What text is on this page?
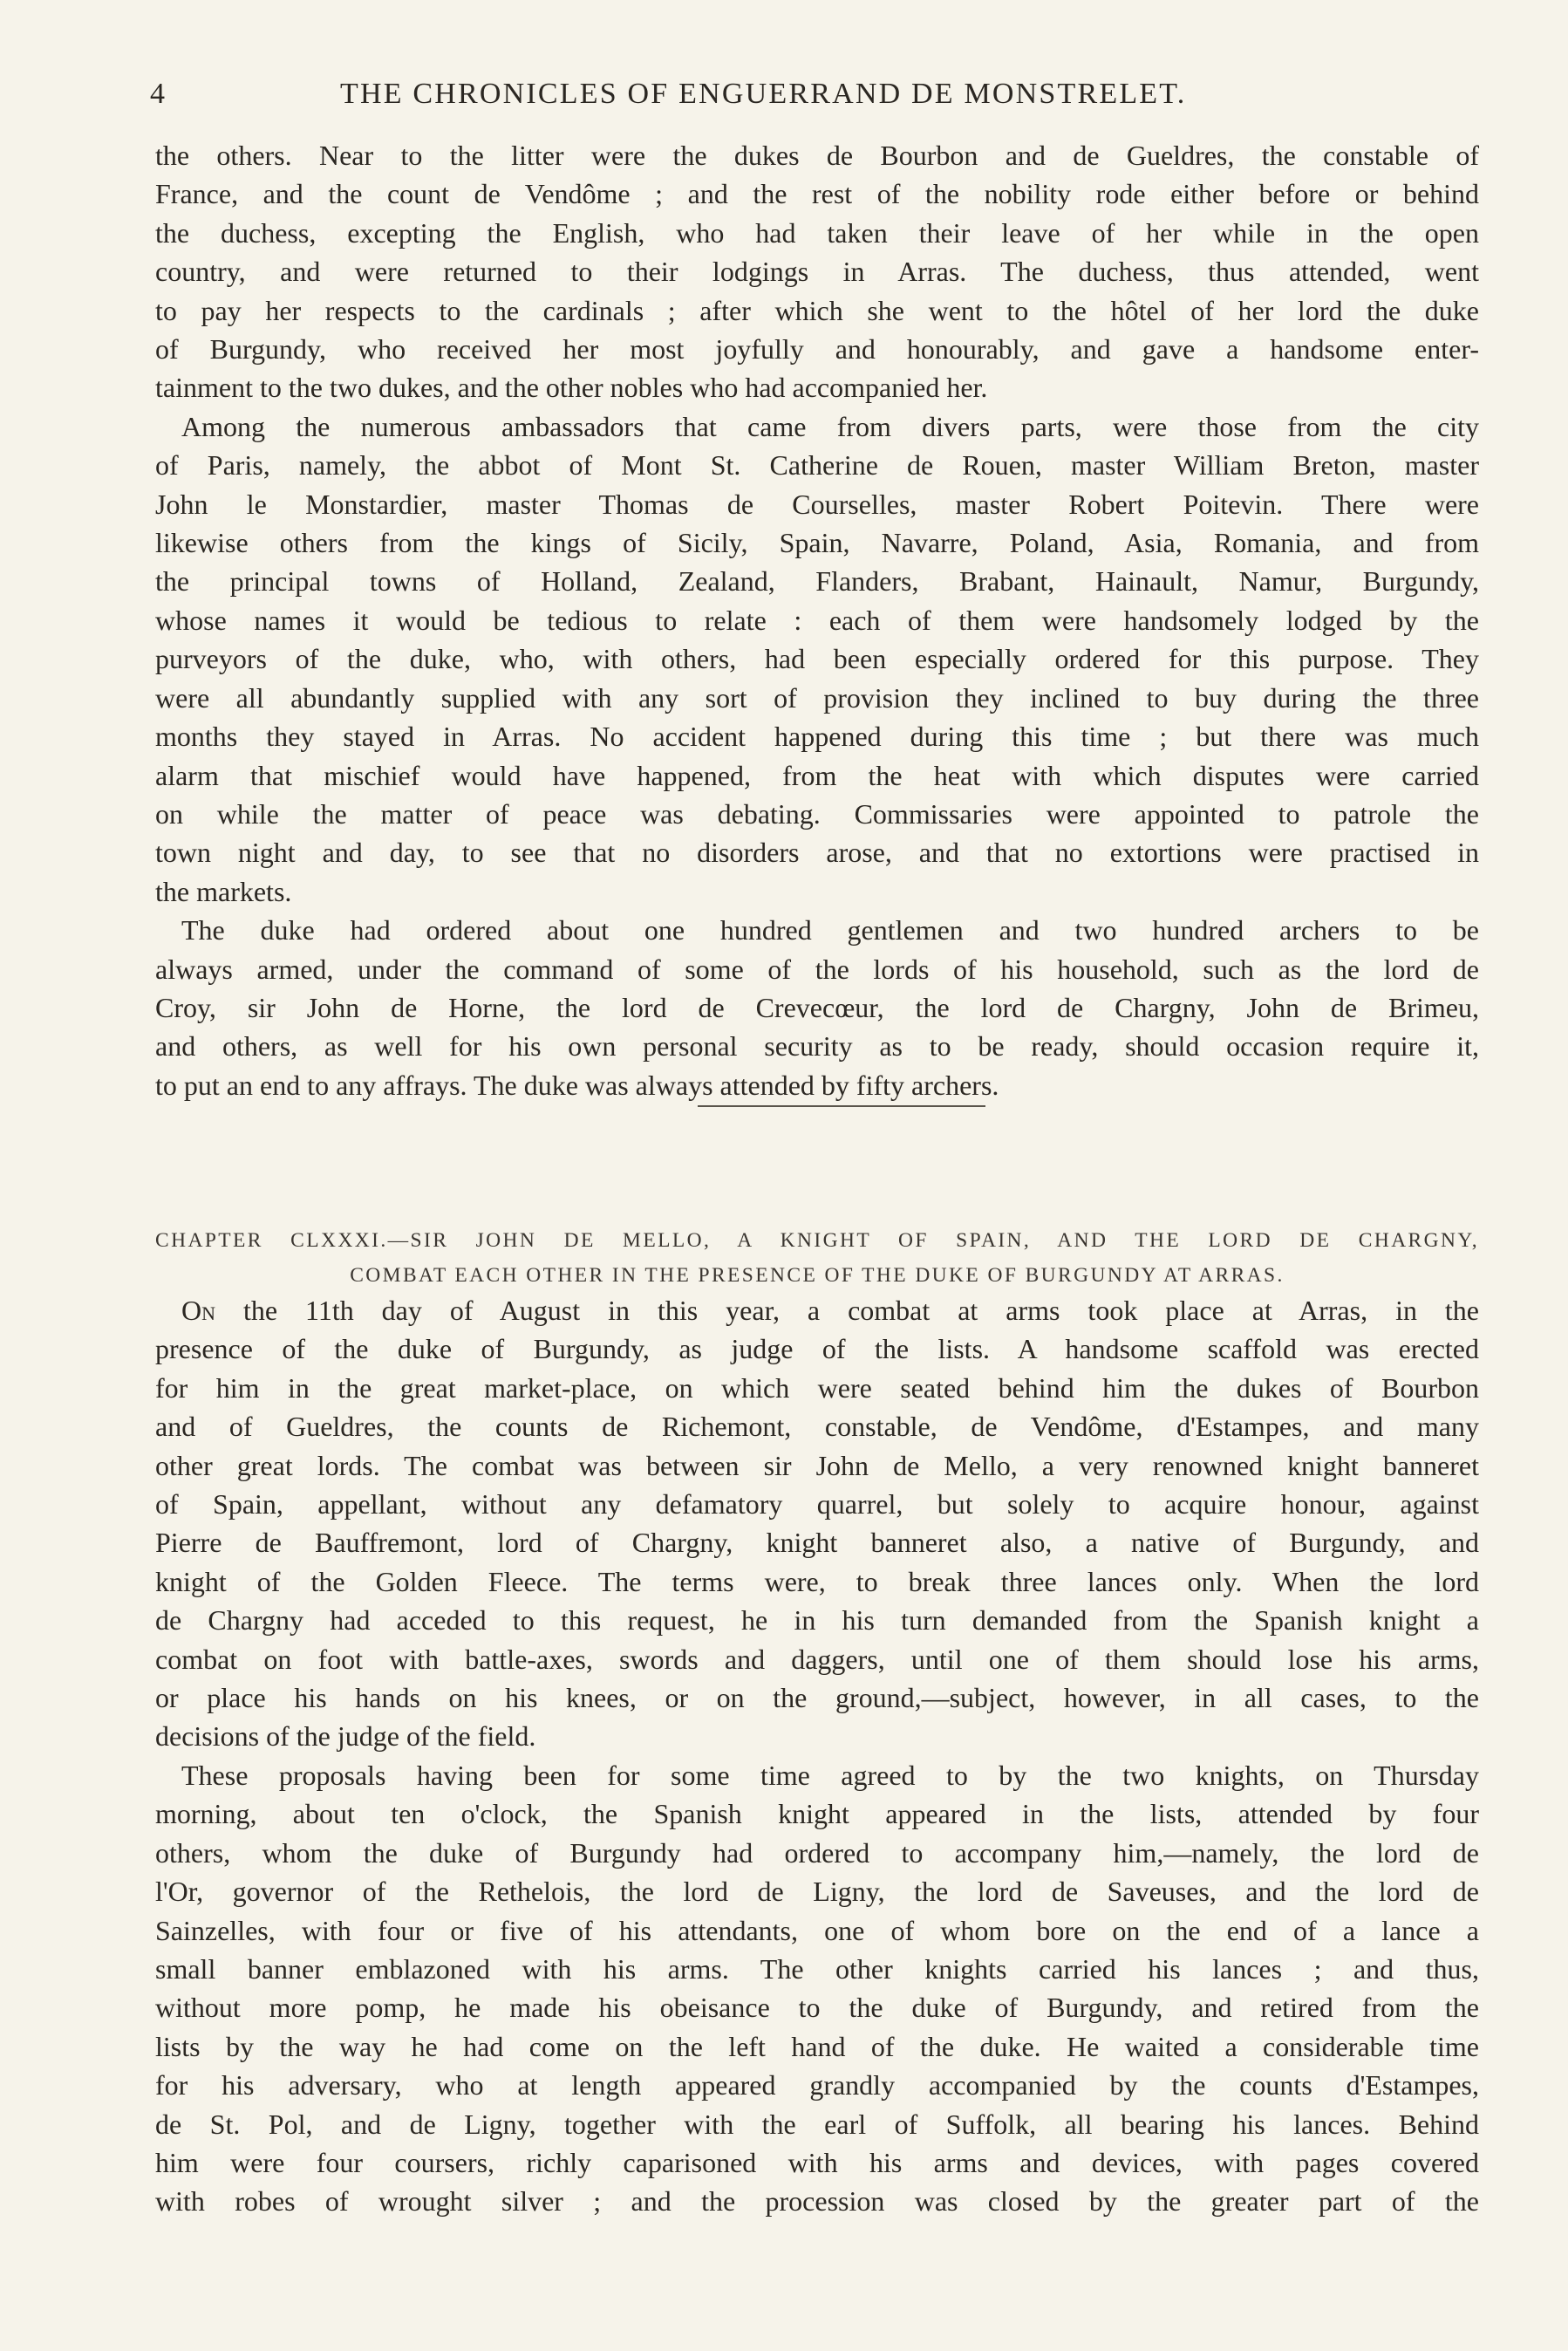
4	THE CHRONICLES OF ENGUERRAND DE MONSTRELET.

the others. Near to the litter were the dukes de Bourbon and de Gueldres, the constable of

France, and the count de Vendôme ; and the rest of the nobility rode either before or behind

the duchess, excepting the English, who had taken their leave of her while in the open

country, and were returned to their lodgings in Arras. The duchess, thus attended, went

to pay her respects to the cardinals ; after which she went to the hôtel of her lord the duke

of Burgundy, who received her most joyfully and honourably, and gave a handsome enter-

tainment to the two dukes, and the other nobles who had accompanied her.

Among the numerous ambassadors that came from divers parts, were those from the city

of Paris, namely, the abbot of Mont St. Catherine de Rouen, master William Breton, master

John le Monstardier, master Thomas de Courselles, master Robert Poitevin. There were

likewise others from the kings of Sicily, Spain, Navarre, Poland, Asia, Romania, and from

the principal towns of Holland, Zealand, Flanders, Brabant, Hainault, Namur, Burgundy,

whose names it would be tedious to relate : each of them were handsomely lodged by the

purveyors of the duke, who, with others, had been especially ordered for this purpose. They

were all abundantly supplied with any sort of provision they inclined to buy during the three

months they stayed in Arras. No accident happened during this time ; but there was much

alarm that mischief would have happened, from the heat with which disputes were carried

on while the matter of peace was debating. Commissaries were appointed to patrole the

town night and day, to see that no disorders arose, and that no extortions were practised in

the markets.

The duke had ordered about one hundred gentlemen and two hundred archers to be

always armed, under the command of some of the lords of his household, such as the lord de

Croy, sir John de Horne, the lord de Crevecœur, the lord de Chargny, John de Brimeu,

and others, as well for his own personal security as to be ready, should occasion require it,

to put an end to any affrays. The duke was always attended by fifty archers.

CHAPTER CLXXXI.—SIR JOHN DE MELLO, A KNIGHT OF SPAIN, AND THE LORD DE CHARGNY,
COMBAT EACH OTHER IN THE PRESENCE OF THE DUKE OF BURGUNDY AT ARRAS.

On the 11th day of August in this year, a combat at arms took place at Arras, in the

presence of the duke of Burgundy, as judge of the lists. A handsome scaffold was erected

for him in the great market-place, on which were seated behind him the dukes of Bourbon

and of Gueldres, the counts de Richemont, constable, de Vendôme, d'Estampes, and many

other great lords. The combat was between sir John de Mello, a very renowned knight banneret

of Spain, appellant, without any defamatory quarrel, but solely to acquire honour, against

Pierre de Bauffremont, lord of Chargny, knight banneret also, a native of Burgundy, and

knight of the Golden Fleece. The terms were, to break three lances only. When the lord

de Chargny had acceded to this request, he in his turn demanded from the Spanish knight a

combat on foot with battle-axes, swords and daggers, until one of them should lose his arms,

or place his hands on his knees, or on the ground,—subject, however, in all cases, to the

decisions of the judge of the field.

These proposals having been for some time agreed to by the two knights, on Thursday

morning, about ten o'clock, the Spanish knight appeared in the lists, attended by four

others, whom the duke of Burgundy had ordered to accompany him,—namely, the lord de

l'Or, governor of the Rethelois, the lord de Ligny, the lord de Saveuses, and the lord de

Sainzelles, with four or five of his attendants, one of whom bore on the end of a lance a

small banner emblazoned with his arms. The other knights carried his lances ; and thus,

without more pomp, he made his obeisance to the duke of Burgundy, and retired from the

lists by the way he had come on the left hand of the duke. He waited a considerable time

for his adversary, who at length appeared grandly accompanied by the counts d'Estampes,

de St. Pol, and de Ligny, together with the earl of Suffolk, all bearing his lances. Behind

him were four coursers, richly caparisoned with his arms and devices, with pages covered

with robes of wrought silver ; and the procession was closed by the greater part of the
